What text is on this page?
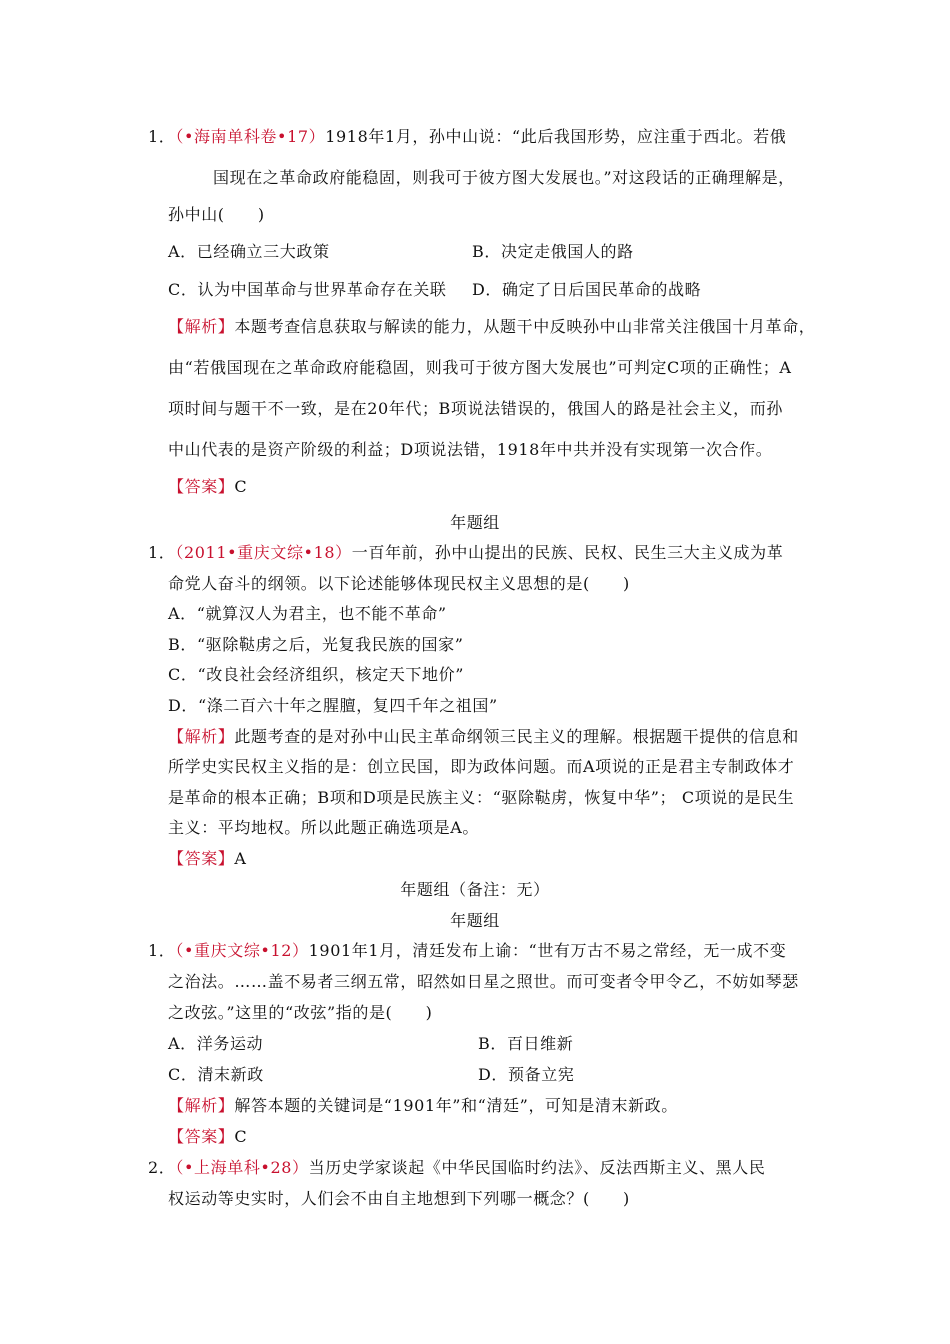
1．（•海南单科卷•17）1918年1月，孙中山说：“此后我国形势，应注重于西北。若俄
国现在之革命政府能稳固，则我可于彼方图大发展也。”对这段话的正确理解是，
孙中山(　　)
A．已经确立三大政策	B．决定走俄国人的路
C．认为中国革命与世界革命存在关联 D．确定了日后国民革命的战略
【解析】本题考查信息获取与解读的能力，从题干中反映孙中山非常关注俄国十月革命，
由“若俄国现在之革命政府能稳固，则我可于彼方图大发展也”可判定C项的正确性；A
项时间与题干不一致，是在20年代；B项说法错误的，俄国人的路是社会主义，而孙
中山代表的是资产阶级的利益；D项说法错，1918年中共并没有实现第一次合作。
【答案】C
年题组
1．（2011•重庆文综•18）一百年前，孙中山提出的民族、民权、民生三大主义成为革
命党人奋斗的纲领。以下论述能够体现民权主义思想的是(　　)
A．“就算汉人为君主，也不能不革命”
B．“驱除鞑虏之后，光复我民族的国家”
C．“改良社会经济组织，核定天下地价”
D．“涤二百六十年之腥膻，复四千年之祖国”
【解析】此题考查的是对孙中山民主革命纲领三民主义的理解。根据题干提供的信息和
所学史实民权主义指的是：创立民国，即为政体问题。而A项说的正是君主专制政体才
是革命的根本正确；B项和D项是民族主义：“驱除鞑虏，恢复中华”； C项说的是民生
主义：平均地权。所以此题正确选项是A。
【答案】A
年题组（备注：无）
年题组
1．（•重庆文综•12）1901年1月，清廷发布上谕：“世有万古不易之常经，无一成不变
之治法。……盖不易者三纲五常，昭然如日星之照世。而可变者令甲令乙，不妨如琴瑟
之改弦。”这里的“改弦”指的是(　　)
A．洋务运动	B．百日维新
C．清末新政	D．预备立宪
【解析】解答本题的关键词是“1901年”和“清廷”，可知是清末新政。
【答案】C
2．（•上海单科•28）当历史学家谈起《中华民国临时约法》、反法西斯主义、黑人民
权运动等史实时，人们会不由自主地想到下列哪一概念？(　　)
